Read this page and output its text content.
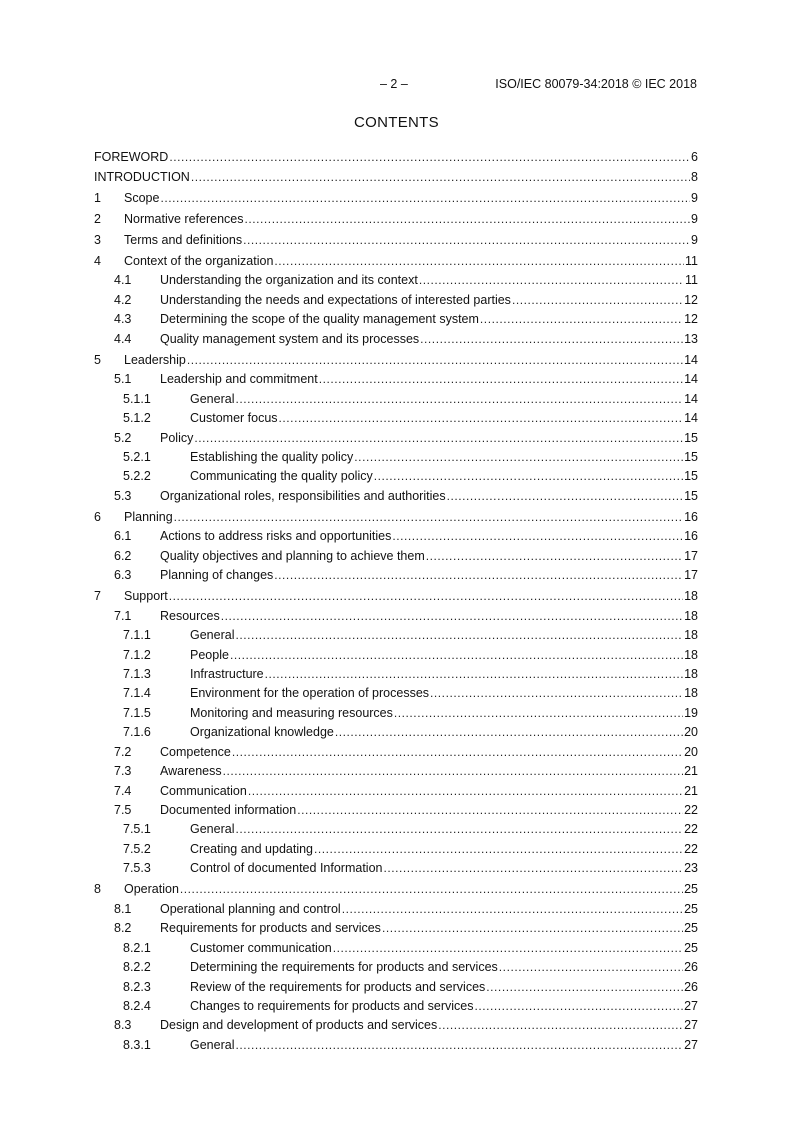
– 2 –	ISO/IEC 80079-34:2018 © IEC 2018
CONTENTS
FOREWORD .....	6
INTRODUCTION .....	8
1	Scope .....	9
2	Normative references .....	9
3	Terms and definitions .....	9
4	Context of the organization .....	11
4.1	Understanding the organization and its context .....	11
4.2	Understanding the needs and expectations of interested parties .....	12
4.3	Determining the scope of the quality management system .....	12
4.4	Quality management system and its processes .....	13
5	Leadership .....	14
5.1	Leadership and commitment .....	14
5.1.1	General .....	14
5.1.2	Customer focus .....	14
5.2	Policy .....	15
5.2.1	Establishing the quality policy .....	15
5.2.2	Communicating the quality policy .....	15
5.3	Organizational roles, responsibilities and authorities .....	15
6	Planning .....	16
6.1	Actions to address risks and opportunities .....	16
6.2	Quality objectives and planning to achieve them .....	17
6.3	Planning of changes .....	17
7	Support .....	18
7.1	Resources .....	18
7.1.1	General .....	18
7.1.2	People .....	18
7.1.3	Infrastructure .....	18
7.1.4	Environment for the operation of processes .....	18
7.1.5	Monitoring and measuring resources .....	19
7.1.6	Organizational knowledge .....	20
7.2	Competence .....	20
7.3	Awareness .....	21
7.4	Communication .....	21
7.5	Documented information .....	22
7.5.1	General .....	22
7.5.2	Creating and updating .....	22
7.5.3	Control of documented Information .....	23
8	Operation .....	25
8.1	Operational planning and control .....	25
8.2	Requirements for products and services .....	25
8.2.1	Customer communication .....	25
8.2.2	Determining the requirements for products and services .....	26
8.2.3	Review of the requirements for products and services .....	26
8.2.4	Changes to requirements for products and services .....	27
8.3	Design and development of products and services .....	27
8.3.1	General .....	27
